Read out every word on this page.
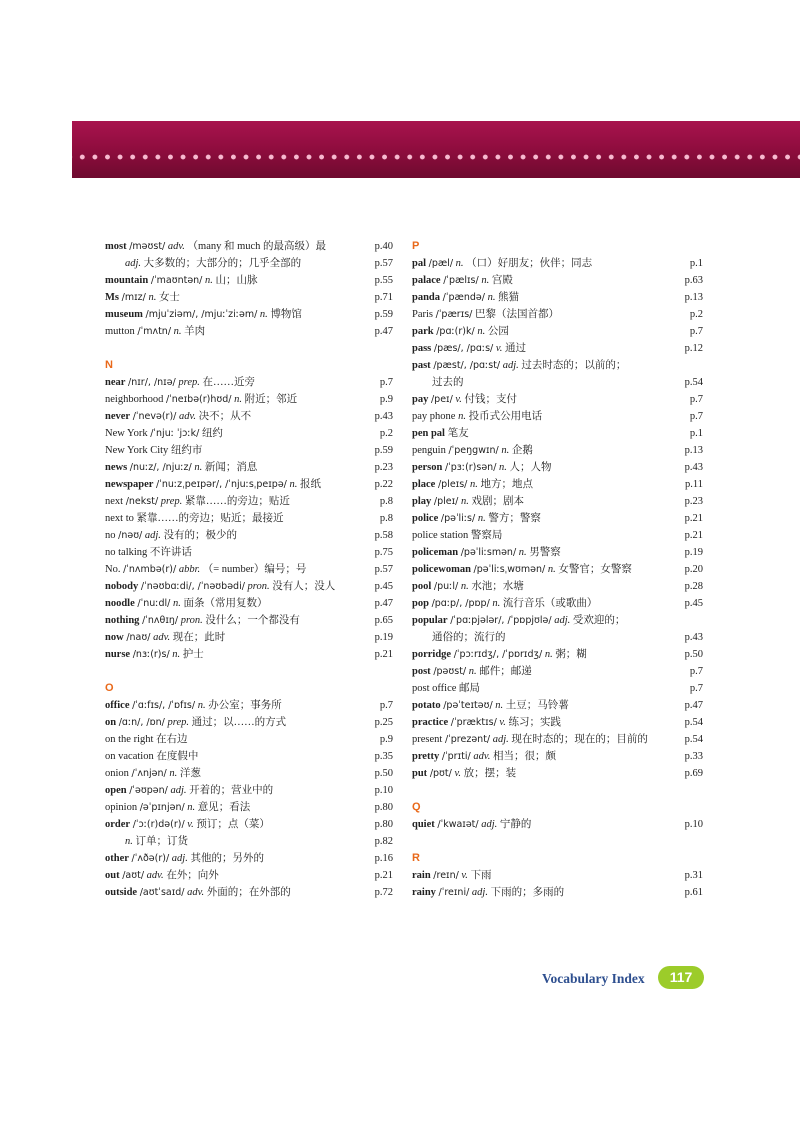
most /məʊst/ adv. （many 和 much 的最高级）最	p.40
adj. 大多数的；大部分的；几乎全部的	p.57
mountain /ˈmaʊntən/ n. 山；山脉	p.55
Ms /mɪz/ n. 女士	p.71
museum /mjuˈziəm/, /mjuːˈziːəm/ n. 博物馆	p.59
mutton /ˈmʌtn/ n. 羊肉	p.47
N
near /nɪr/, /nɪə/ prep. 在……近旁	p.7
neighborhood /ˈneɪbə(r)hʊd/ n. 附近；邻近	p.9
never /ˈnevə(r)/ adv. 决不；从不	p.43
New York /ˈnjuː ˈjɔːk/ 纽约	p.2
New York City 纽约市	p.59
news /nuːz/, /njuːz/ n. 新闻；消息	p.23
newspaper /ˈnuːzˌpeɪpər/, /ˈnjuːsˌpeɪpə/ n. 报纸	p.22
next /nekst/ prep. 紧靠……的旁边；贴近	p.8
next to 紧靠……的旁边；贴近；最接近	p.8
no /nəʊ/ adj. 没有的；极少的	p.58
no talking 不许讲话	p.75
No. /ˈnʌmbə(r)/ abbr. （= number）编号；号	p.57
nobody /ˈnəʊbɑːdi/, /ˈnəʊbədi/ pron. 没有人；没人	p.45
noodle /ˈnuːdl/ n. 面条（常用复数）	p.47
nothing /ˈnʌθɪŋ/ pron. 没什么；一个都没有	p.65
now /naʊ/ adv. 现在；此时	p.19
nurse /nɜː(r)s/ n. 护士	p.21
O
office /ˈɑːfɪs/, /ˈɒfɪs/ n. 办公室；事务所	p.7
on /ɑːn/, /ɒn/ prep. 通过；以……的方式	p.25
on the right 在右边	p.9
on vacation 在度假中	p.35
onion /ˈʌnjən/ n. 洋葱	p.50
open /ˈəʊpən/ adj. 开着的；营业中的	p.10
opinion /əˈpɪnjən/ n. 意见；看法	p.80
order /ˈɔː(r)də(r)/ v. 预订；点（菜）	p.80
n. 订单；订货	p.82
other /ˈʌðə(r)/ adj. 其他的；另外的	p.16
out /aʊt/ adv. 在外；向外	p.21
outside /aʊtˈsaɪd/ adv. 外面的；在外部的	p.72
P
pal /pæl/ n. （口）好朋友；伙伴；同志	p.1
palace /ˈpælɪs/ n. 宫殿	p.63
panda /ˈpændə/ n. 熊猫	p.13
Paris /ˈpærɪs/ 巴黎（法国首都）	p.2
park /pɑː(r)k/ n. 公园	p.7
pass /pæs/, /pɑːs/ v. 通过	p.12
past /pæst/, /pɑːst/ adj. 过去时态的；以前的；
过去的	p.54
pay /peɪ/ v. 付钱；支付	p.7
pay phone n. 投币式公用电话	p.7
pen pal 笔友	p.1
penguin /ˈpeŋgwɪn/ n. 企鹅	p.13
person /ˈpɜː(r)sən/ n. 人；人物	p.43
place /pleɪs/ n. 地方；地点	p.11
play /pleɪ/ n. 戏剧；剧本	p.23
police /pəˈliːs/ n. 警方；警察	p.21
police station 警察局	p.21
policeman /pəˈliːsmən/ n. 男警察	p.19
policewoman /pəˈliːsˌwʊmən/ n. 女警官；女警察	p.20
pool /puːl/ n. 水池；水塘	p.28
pop /pɑːp/, /pɒp/ n. 流行音乐（或歌曲）	p.45
popular /ˈpɑːpjələr/, /ˈpɒpjʊlə/ adj. 受欢迎的；
通俗的；流行的	p.43
porridge /ˈpɔːrɪdʒ/, /ˈpɒrɪdʒ/ n. 粥；糊	p.50
post /pəʊst/ n. 邮件；邮递	p.7
post office 邮局	p.7
potato /pəˈteɪtəʊ/ n. 土豆；马铃薯	p.47
practice /ˈpræktɪs/ v. 练习；实践	p.54
present /ˈprezənt/ adj. 现在时态的；现在的；目前的	p.54
pretty /ˈprɪti/ adv. 相当；很；颇	p.33
put /pʊt/ v. 放；摆；装	p.69
Q
quiet /ˈkwaɪət/ adj. 宁静的	p.10
R
rain /reɪn/ v. 下雨	p.31
rainy /ˈreɪni/ adj. 下雨的；多雨的	p.61
Vocabulary Index	117
